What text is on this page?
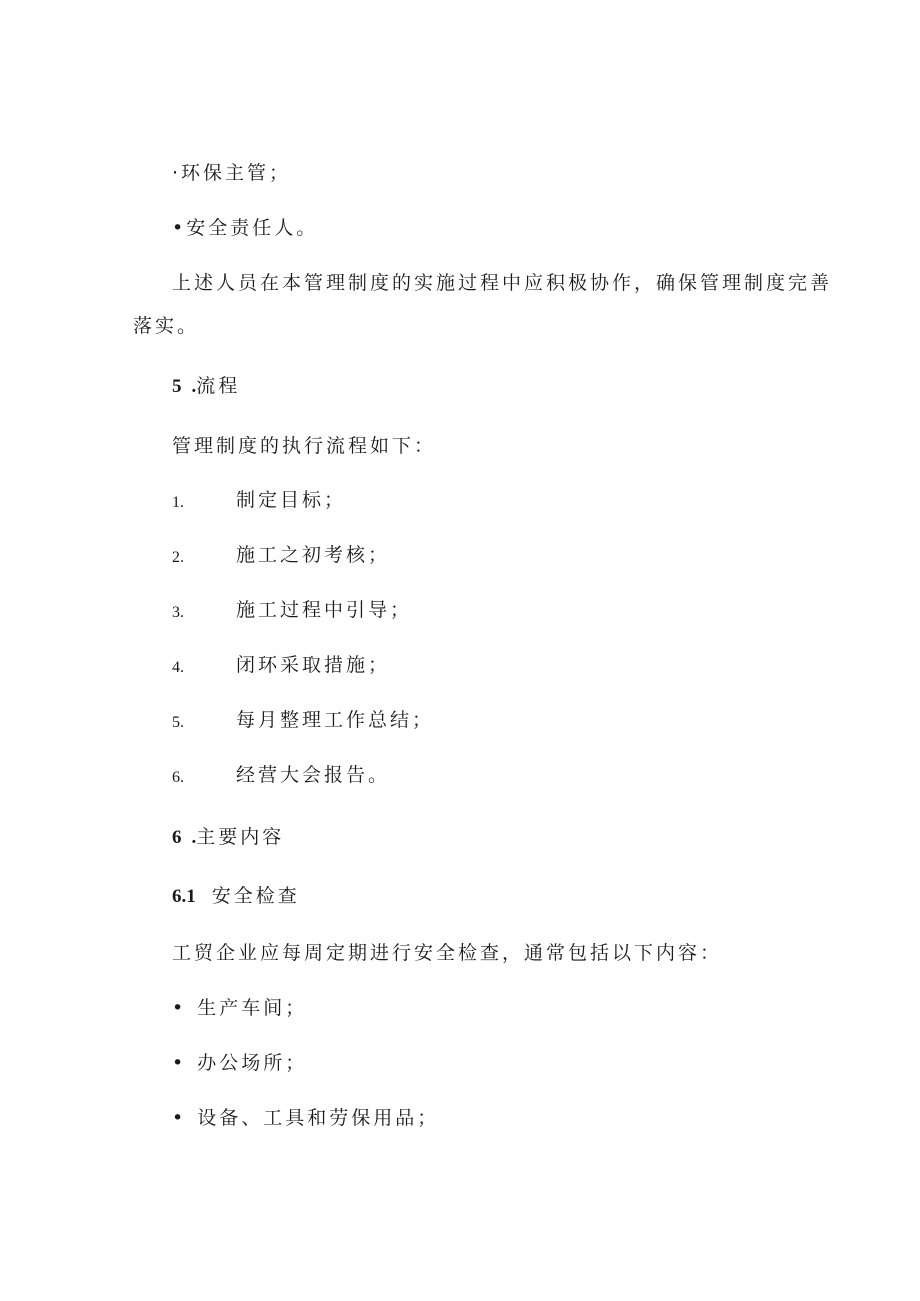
·环保主管；
•安全责任人。
上述人员在本管理制度的实施过程中应积极协作，确保管理制度完善
落实。
5 .流程
管理制度的执行流程如下：
1.	制定目标；
2.	施工之初考核；
3.	施工过程中引导；
4.	闭环采取措施；
5.	每月整理工作总结；
6.	经营大会报告。
6 .主要内容
6.1 安全检查
工贸企业应每周定期进行安全检查，通常包括以下内容：
• 生产车间；
• 办公场所；
• 设备、工具和劳保用品；
